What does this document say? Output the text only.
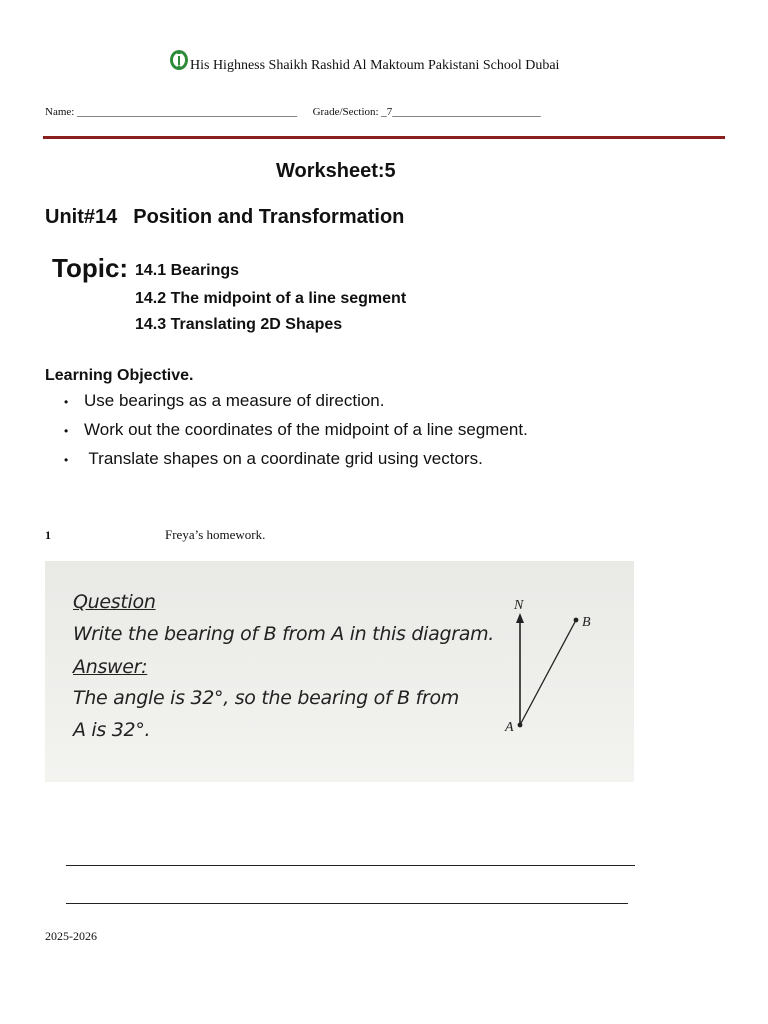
His Highness Shaikh Rashid Al Maktoum Pakistani School Dubai
Name: ________________________________________ Grade/Section: _7___________________________
Worksheet:5
Unit#14 Position and Transformation
Topic: 14.1 Bearings
14.2 The midpoint of a line segment
14.3 Translating 2D Shapes
Learning Objective.
• Use bearings as a measure of direction.
• Work out the coordinates of the midpoint of a line segment.
• Translate shapes on a coordinate grid using vectors.
1	Freya’s homework.
Question
Write the bearing of B from A in this diagram.
Answer:
The angle is 32°, so the bearing of B from
A is 32°.
N
A
B
2025-2026
